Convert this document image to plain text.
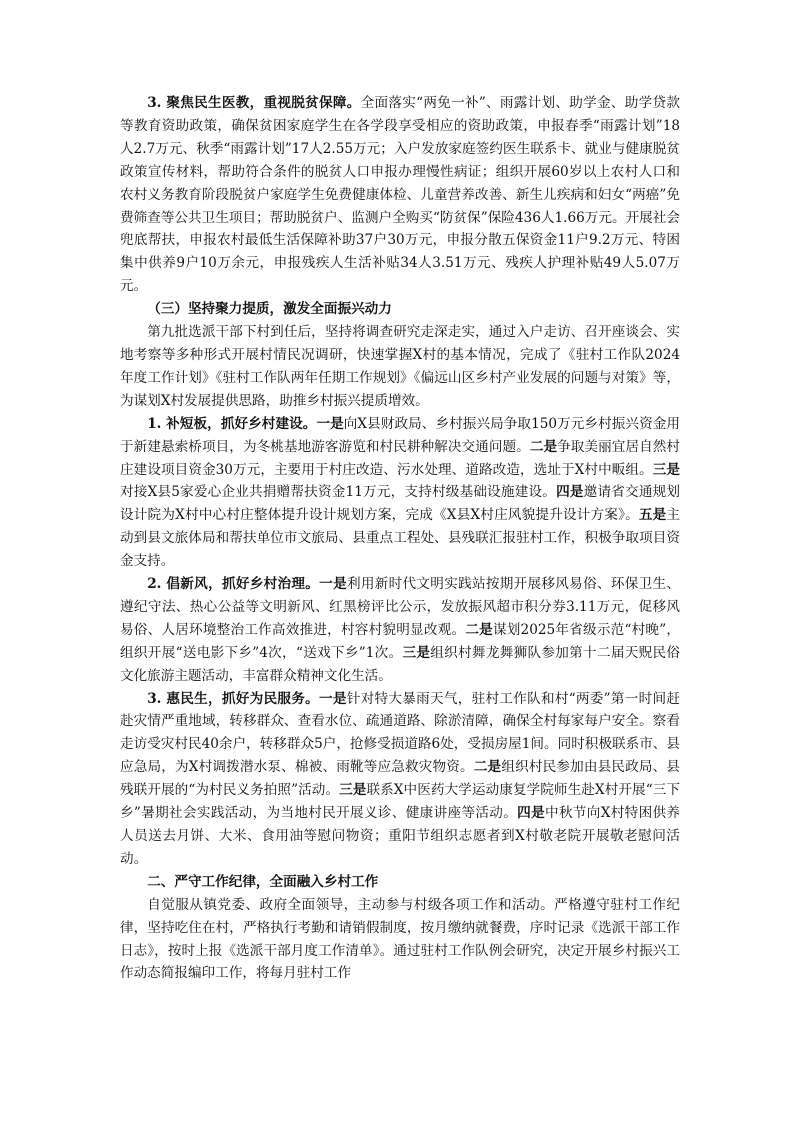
3. 聚焦民生医教，重视脱贫保障。全面落实“两免一补”、雨露计划、助学金、助学贷款等教育资助政策，确保贫困家庭学生在各学段享受相应的资助政策，申报春季“雨露计划”18人2.7万元、秋季“雨露计划”17人2.55万元；入户发放家庭签约医生联系卡、就业与健康脱贫政策宣传材料，帮助符合条件的脱贫人口申报办理慢性病证；组织开展60岁以上农村人口和农村义务教育阶段脱贫户家庭学生免费健康体检、儿童营养改善、新生儿疾病和妇女“两癌”免费筛查等公共卫生项目；帮助脱贫户、监测户全购买“防贫保”保险436人1.66万元。开展社会兜底帮扶，申报农村最低生活保障补助37户30万元，申报分散五保资金11户9.2万元、特困集中供养9户10万余元，申报残疾人生活补贴34人3.51万元、残疾人护理补贴49人5.07万元。

（三）坚持聚力提质，激发全面振兴动力

第九批选派干部下村到任后，坚持将调查研究走深走实，通过入户走访、召开座谈会、实地考察等多种形式开展村情民况调研，快速掌握X村的基本情况，完成了《驻村工作队2024年度工作计划》《驻村工作队两年任期工作规划》《偏远山区乡村产业发展的问题与对策》等，为谋划X村发展提供思路，助推乡村振兴提质增效。

1. 补短板，抓好乡村建设。一是向X县财政局、乡村振兴局争取150万元乡村振兴资金用于新建悬索桥项目，为冬桃基地游客游览和村民耕种解决交通问题。二是争取美丽宜居自然村庄建设项目资金30万元，主要用于村庄改造、污水处理、道路改造，选址于X村中畈组。三是对接X县5家爱心企业共捐赠帮扶资金11万元，支持村级基础设施建设。四是邀请省交通规划设计院为X村中心村庄整体提升设计规划方案，完成《X县X村庄风貌提升设计方案》。五是主动到县文旅体局和帮扶单位市文旅局、县重点工程处、县残联汇报驻村工作，积极争取项目资金支持。

2. 倡新风，抓好乡村治理。一是利用新时代文明实践站按期开展移风易俗、环保卫生、遵纪守法、热心公益等文明新风、红黑榜评比公示，发放振风超市积分券3.11万元，促移风易俗、人居环境整治工作高效推进，村容村貌明显改观。二是谋划2025年省级示范“村晚”，组织开展“送电影下乡”4次，“送戏下乡”1次。三是组织村舞龙舞狮队参加第十二届天贶民俗文化旅游主题活动，丰富群众精神文化生活。

3. 惠民生，抓好为民服务。一是针对特大暴雨天气，驻村工作队和村“两委”第一时间赶赴灾情严重地域，转移群众、查看水位、疏通道路、除淤清障，确保全村每家每户安全。察看走访受灾村民40余户，转移群众5户，抢修受损道路6处，受损房屋1间。同时积极联系市、县应急局，为X村调拨潜水泵、棉被、雨靴等应急救灾物资。二是组织村民参加由县民政局、县残联开展的“为村民义务拍照”活动。三是联系X中医药大学运动康复学院师生赴X村开展“三下乡”暑期社会实践活动，为当地村民开展义诊、健康讲座等活动。四是中秋节向X村特困供养人员送去月饼、大米、食用油等慰问物资；重阳节组织志愿者到X村敬老院开展敬老慰问活动。

二、严守工作纪律，全面融入乡村工作

自觉服从镇党委、政府全面领导，主动参与村级各项工作和活动。严格遵守驻村工作纪律，坚持吃住在村，严格执行考勤和请销假制度，按月缴纳就餐费，序时记录《选派干部工作日志》，按时上报《选派干部月度工作清单》。通过驻村工作队例会研究，决定开展乡村振兴工作动态简报编印工作，将每月驻村工作
